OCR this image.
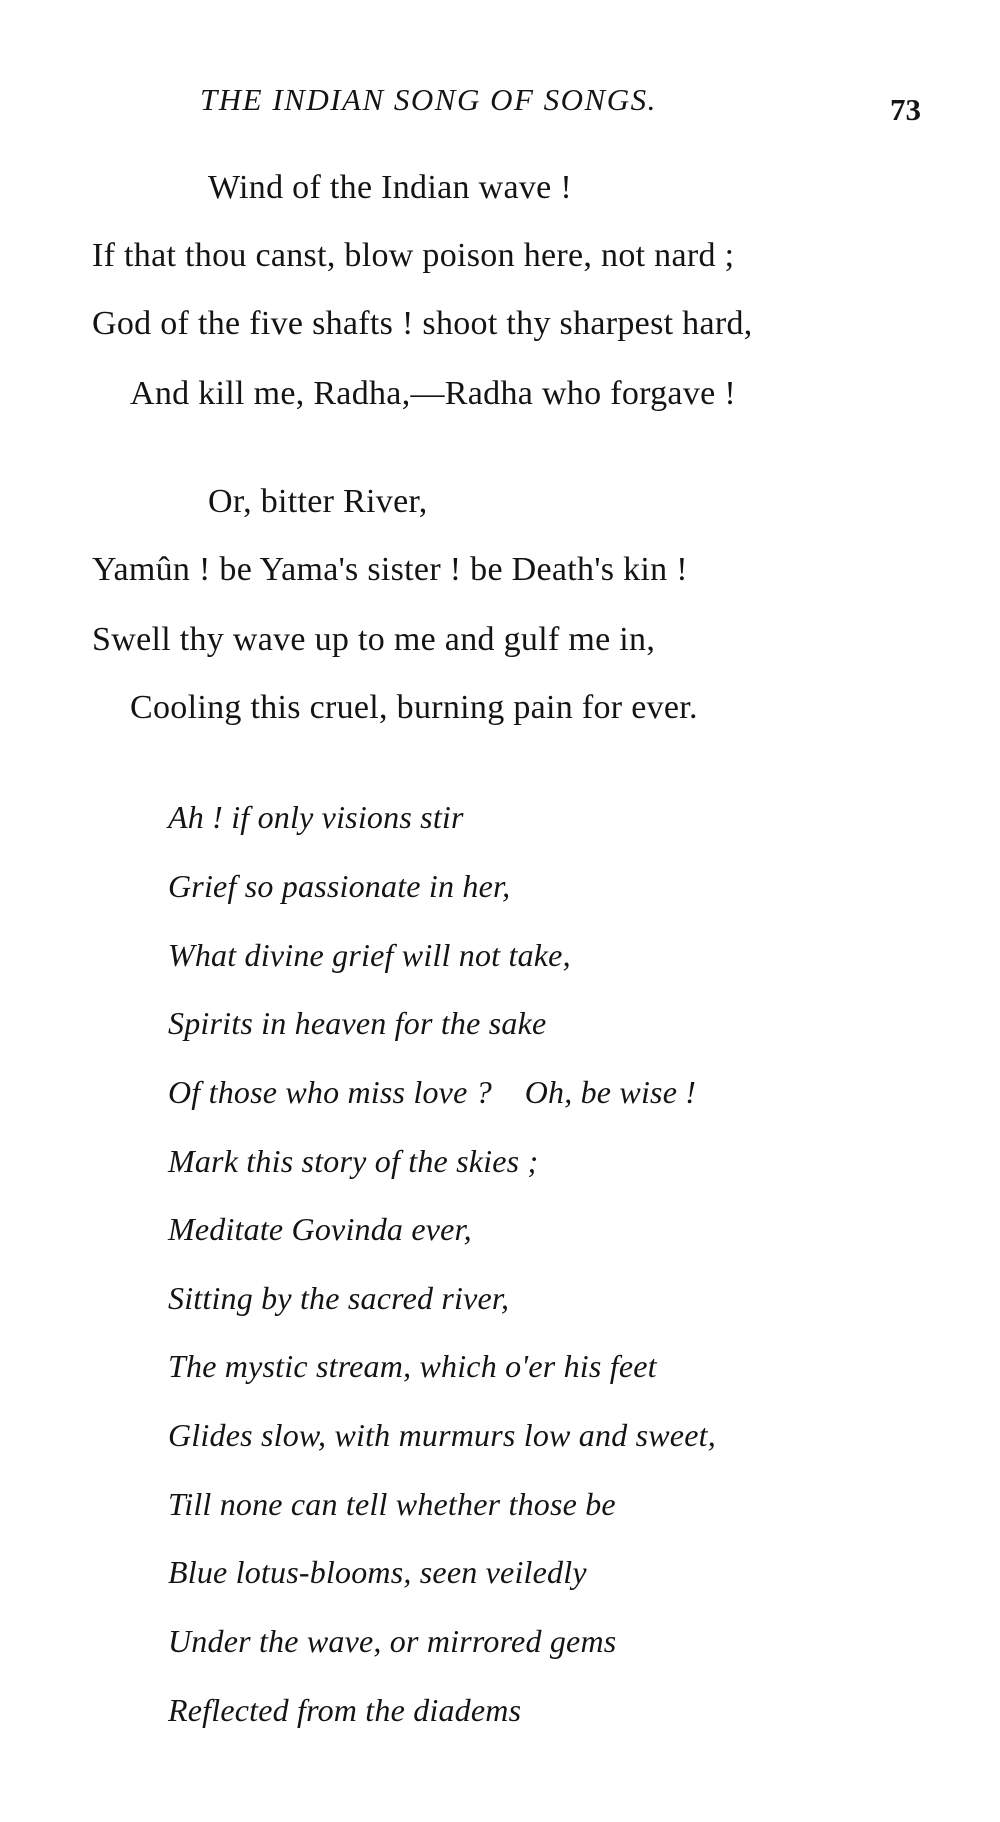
THE INDIAN SONG OF SONGS.	73
Wind of the Indian wave !
If that thou canst, blow poison here, not nard ;
God of the five shafts ! shoot thy sharpest hard,
And kill me, Radha,—Radha who forgave !
Or, bitter River,
Yamûn ! be Yama's sister ! be Death's kin !
Swell thy wave up to me and gulf me in,
Cooling this cruel, burning pain for ever.
Ah ! if only visions stir
Grief so passionate in her,
What divine grief will not take,
Spirits in heaven for the sake
Of those who miss love ?    Oh, be wise !
Mark this story of the skies ;
Meditate Govinda ever,
Sitting by the sacred river,
The mystic stream, which o'er his feet
Glides slow, with murmurs low and sweet,
Till none can tell whether those be
Blue lotus-blooms, seen veiledly
Under the wave, or mirrored gems
Reflected from the diadems
